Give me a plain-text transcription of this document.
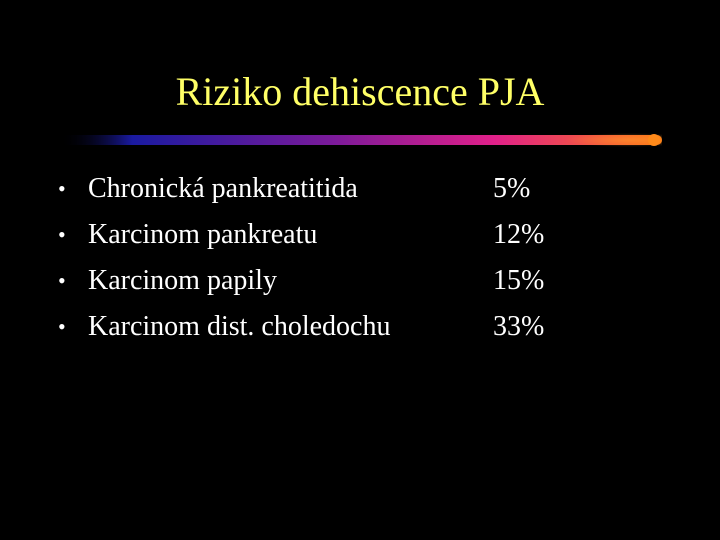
Riziko dehiscence PJA
• Chronická pankreatitida	5%
• Karcinom pankreatu	12%
• Karcinom papily	15%
• Karcinom dist. choledochu	33%
